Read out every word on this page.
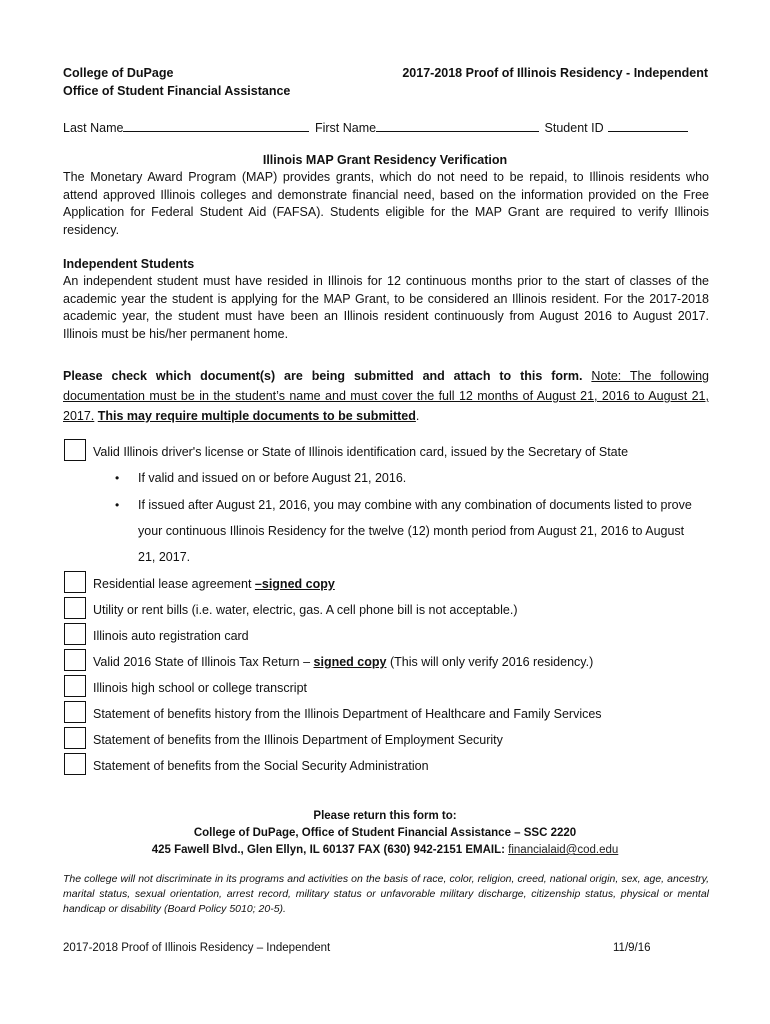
College of DuPage
Office of Student Financial Assistance
2017-2018 Proof of Illinois Residency - Independent
Last Name	First Name	Student ID
Illinois MAP Grant Residency Verification
The Monetary Award Program (MAP) provides grants, which do not need to be repaid, to Illinois residents who attend approved Illinois colleges and demonstrate financial need, based on the information provided on the Free Application for Federal Student Aid (FAFSA). Students eligible for the MAP Grant are required to verify Illinois residency.
Independent Students
An independent student must have resided in Illinois for 12 continuous months prior to the start of classes of the academic year the student is applying for the MAP Grant, to be considered an Illinois resident. For the 2017-2018 academic year, the student must have been an Illinois resident continuously from August 2016 to August 2017. Illinois must be his/her permanent home.
Please check which document(s) are being submitted and attach to this form. Note: The following documentation must be in the student’s name and must cover the full 12 months of August 21, 2016 to August 21, 2017. This may require multiple documents to be submitted.
Valid Illinois driver's license or State of Illinois identification card, issued by the Secretary of State
• If valid and issued on or before August 21, 2016.
• If issued after August 21, 2016, you may combine with any combination of documents listed to prove
your continuous Illinois Residency for the twelve (12) month period from August 21, 2016 to August
21, 2017.
Residential lease agreement –signed copy
Utility or rent bills (i.e. water, electric, gas. A cell phone bill is not acceptable.)
Illinois auto registration card
Valid 2016 State of Illinois Tax Return – signed copy (This will only verify 2016 residency.)
Illinois high school or college transcript
Statement of benefits history from the Illinois Department of Healthcare and Family Services
Statement of benefits from the Illinois Department of Employment Security
Statement of benefits from the Social Security Administration
Please return this form to:
College of DuPage, Office of Student Financial Assistance – SSC 2220
425 Fawell Blvd., Glen Ellyn, IL 60137 FAX (630) 942-2151 EMAIL: financialaid@cod.edu
The college will not discriminate in its programs and activities on the basis of race, color, religion, creed, national origin, sex, age, ancestry, marital status, sexual orientation, arrest record, military status or unfavorable military discharge, citizenship status, physical or mental handicap or disability (Board Policy 5010; 20-5).
2017-2018 Proof of Illinois Residency – Independent	11/9/16
